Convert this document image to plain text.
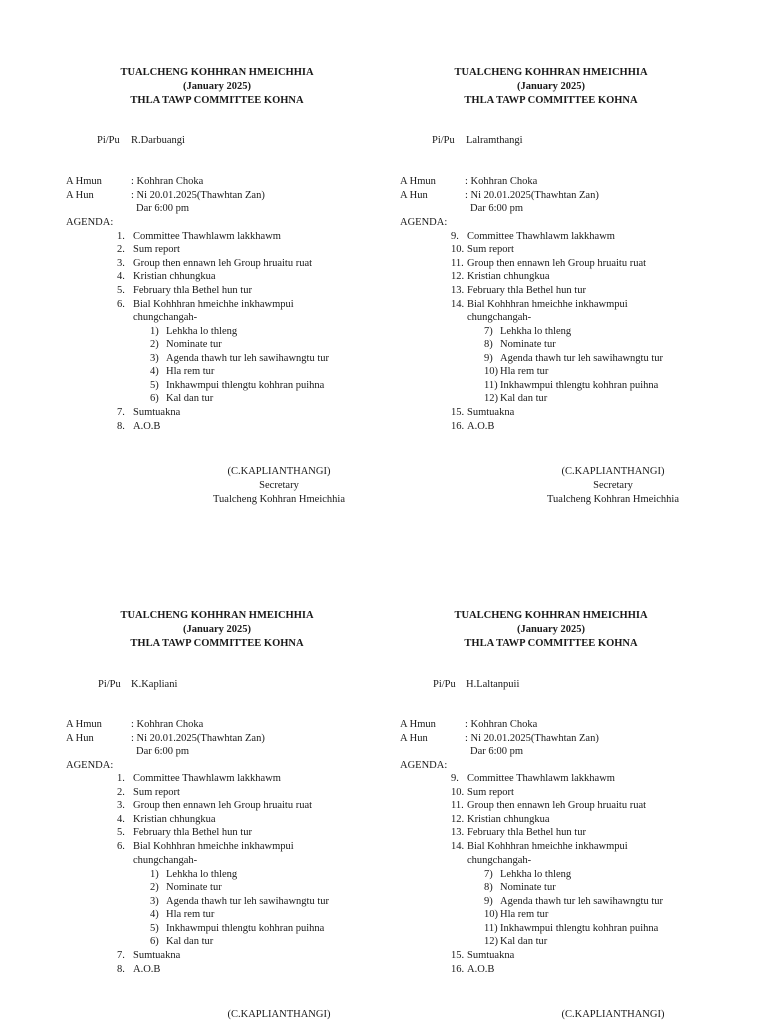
TUALCHENG KOHHRAN HMEICHHIA
(January 2025)
THLA TAWP COMMITTEE KOHNA
Pi/Pu R.Darbuangi
A Hmun	: Kohhran Choka
A Hun	: Ni 20.01.2025(Thawhtan Zan)
Dar 6:00 pm
AGENDA:
1. Committee Thawhlawm lakkhawm
2. Sum report
3. Group then ennawn leh Group hruaitu ruat
4. Kristian chhungkua
5. February thla Bethel hun tur
6. Bial Kohhhran hmeichhe inkhawmpui
chungchangah-
1) Lehkha lo thleng
2) Nominate tur
3) Agenda thawh tur leh sawihawngtu tur
4) Hla rem tur
5) Inkhawmpui thlengtu kohhran puihna
6) Kal dan tur
7. Sumtuakna
8. A.O.B
(C.KAPLIANTHANGI)
Secretary
Tualcheng Kohhran Hmeichhia
TUALCHENG KOHHRAN HMEICHHIA
(January 2025)
THLA TAWP COMMITTEE KOHNA
Pi/Pu Lalramthangi
A Hmun	: Kohhran Choka
A Hun	: Ni 20.01.2025(Thawhtan Zan)
Dar 6:00 pm
AGENDA:
9. Committee Thawhlawm lakkhawm
10. Sum report
11. Group then ennawn leh Group hruaitu ruat
12. Kristian chhungkua
13. February thla Bethel hun tur
14. Bial Kohhhran hmeichhe inkhawmpui
chungchangah-
7) Lehkha lo thleng
8) Nominate tur
9) Agenda thawh tur leh sawihawngtu tur
10) Hla rem tur
11) Inkhawmpui thlengtu kohhran puihna
12) Kal dan tur
15. Sumtuakna
16. A.O.B
(C.KAPLIANTHANGI)
Secretary
Tualcheng Kohhran Hmeichhia
TUALCHENG KOHHRAN HMEICHHIA
(January 2025)
THLA TAWP COMMITTEE KOHNA
Pi/Pu K.Kapliani
A Hmun	: Kohhran Choka
A Hun	: Ni 20.01.2025(Thawhtan Zan)
Dar 6:00 pm
AGENDA:
1. Committee Thawhlawm lakkhawm
2. Sum report
3. Group then ennawn leh Group hruaitu ruat
4. Kristian chhungkua
5. February thla Bethel hun tur
6. Bial Kohhhran hmeichhe inkhawmpui
chungchangah-
1) Lehkha lo thleng
2) Nominate tur
3) Agenda thawh tur leh sawihawngtu tur
4) Hla rem tur
5) Inkhawmpui thlengtu kohhran puihna
6) Kal dan tur
7. Sumtuakna
8. A.O.B
(C.KAPLIANTHANGI)
TUALCHENG KOHHRAN HMEICHHIA
(January 2025)
THLA TAWP COMMITTEE KOHNA
Pi/Pu H.Laltanpuii
A Hmun	: Kohhran Choka
A Hun	: Ni 20.01.2025(Thawhtan Zan)
Dar 6:00 pm
AGENDA:
9. Committee Thawhlawm lakkhawm
10. Sum report
11. Group then ennawn leh Group hruaitu ruat
12. Kristian chhungkua
13. February thla Bethel hun tur
14. Bial Kohhhran hmeichhe inkhawmpui
chungchangah-
7) Lehkha lo thleng
8) Nominate tur
9) Agenda thawh tur leh sawihawngtu tur
10) Hla rem tur
11) Inkhawmpui thlengtu kohhran puihna
12) Kal dan tur
15. Sumtuakna
16. A.O.B
(C.KAPLIANTHANGI)
